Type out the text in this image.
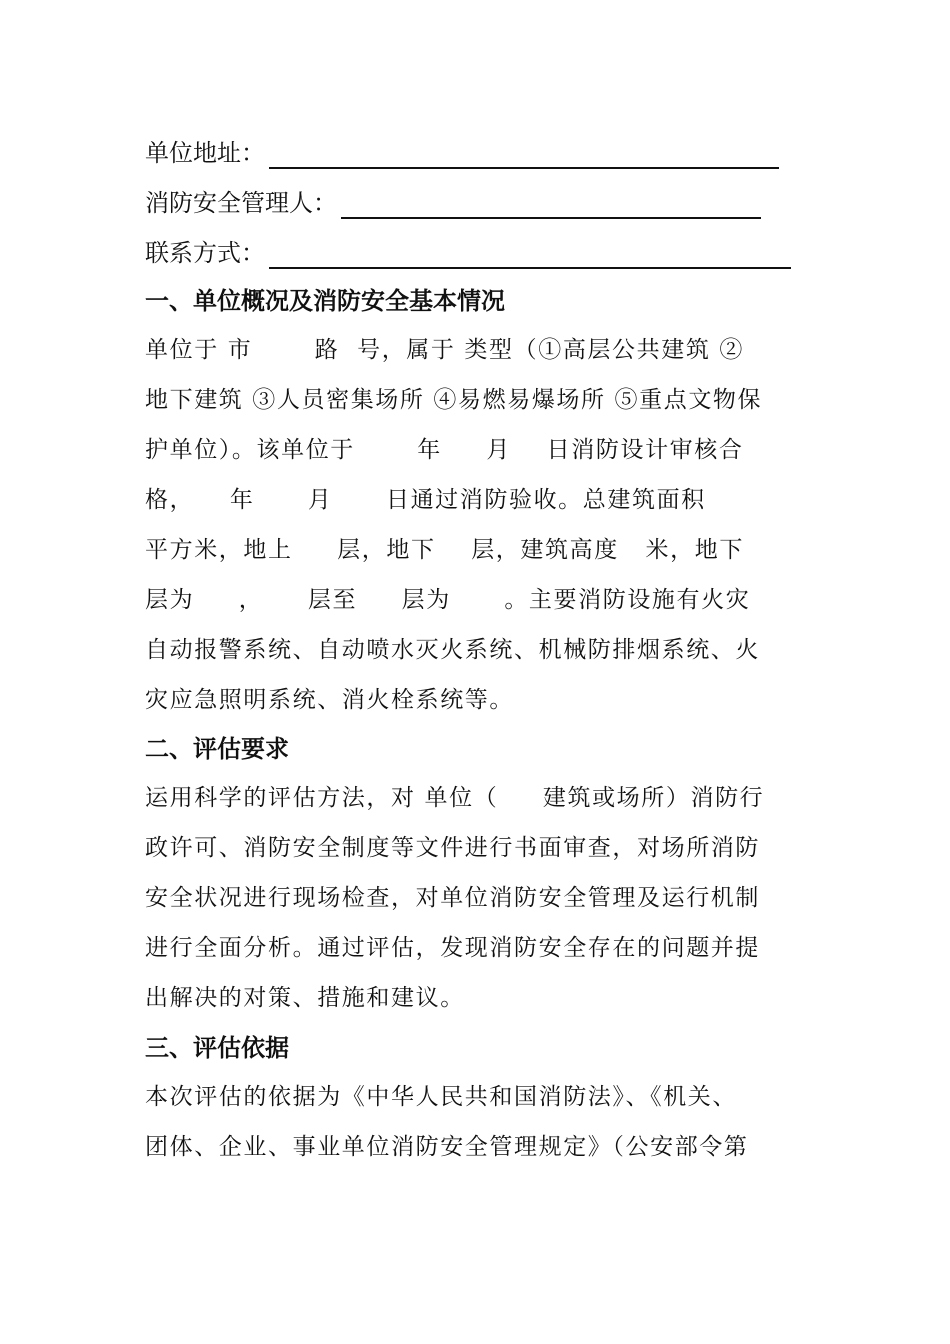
单位地址：
消防安全管理人：
联系方式：
一、单位概况及消防安全基本情况
单位于 市       路  号，属于 类型（①高层公共建筑 ②
地下建筑 ③人员密集场所 ④易燃易爆场所 ⑤重点文物保
护单位）。该单位于       年     月    日消防设计审核合
格，    年      月      日通过消防验收。总建筑面积
平方米，地上     层，地下    层，建筑高度   米，地下
层为     ，     层至     层为      。主要消防设施有火灾
自动报警系统、自动喷水灭火系统、机械防排烟系统、火
灾应急照明系统、消火栓系统等。
二、评估要求
运用科学的评估方法，对 单位（     建筑或场所）消防行
政许可、消防安全制度等文件进行书面审查，对场所消防
安全状况进行现场检查，对单位消防安全管理及运行机制
进行全面分析。通过评估，发现消防安全存在的问题并提
出解决的对策、措施和建议。
三、评估依据
本次评估的依据为《中华人民共和国消防法》、《机关、
团体、企业、事业单位消防安全管理规定》（公安部令第
